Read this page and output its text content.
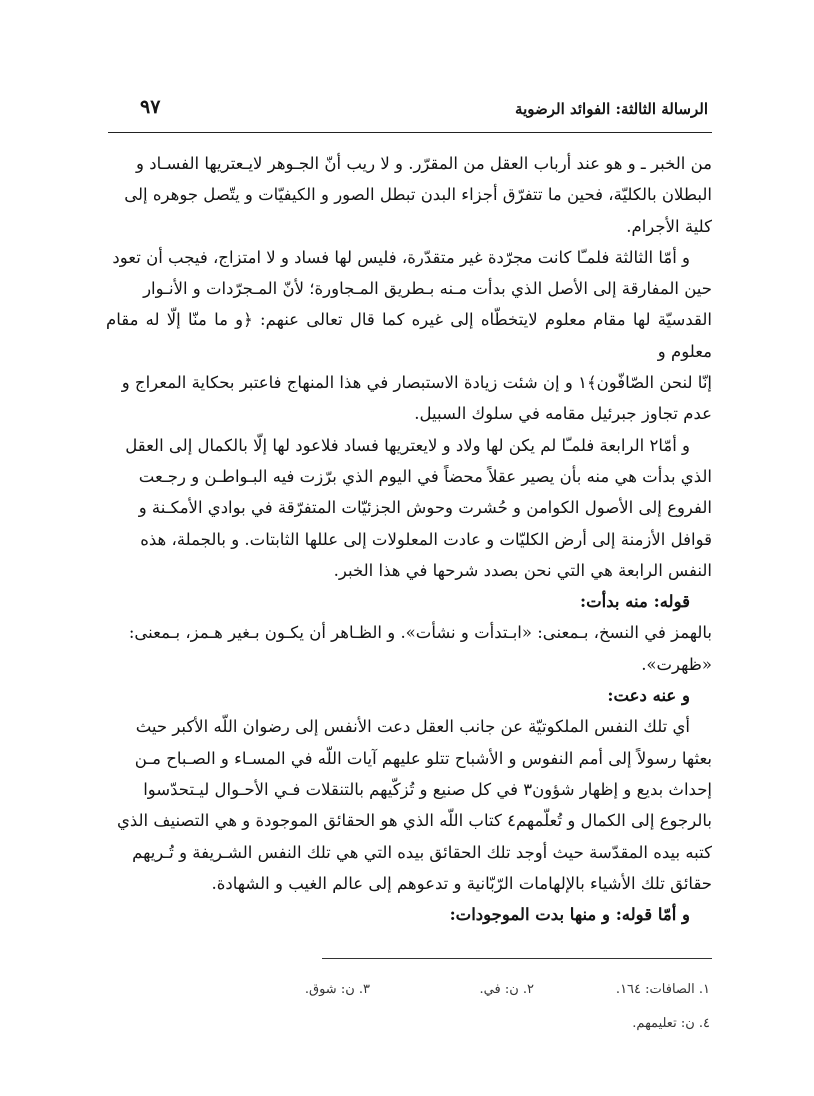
الرسالة الثالثة: الفوائد الرضوية
٩٧

من الخبر ـ و هو عند أرباب العقل من المقرّر. و لا ريب أنّ الجـوهر لايـعتريها الفسـاد و

البطلان بالكليّة، فحين ما تتفرّق أجزاء البدن تبطل الصور و الكيفيّات و يتّصل جوهره إلى

كلية الأجرام.

و أمّا الثالثة فلمـّا كانت مجرّدة غير متقدّرة، فليس لها فساد و لا امتزاج، فيجب أن تعود

حين المفارقة إلى الأصل الذي بدأت مـنه بـطريق المـجاورة؛ لأنّ المـجرّدات و الأنـوار

القدسيّة لها مقام معلوم لايتخطّاه إلى غيره كما قال تعالى عنهم: ﴿و ما منّا إلّا له مقام معلوم و

إنّا لنحن الصّافّون﴾١ و إن شئت زيادة الاستبصار في هذا المنهاج فاعتبر بحكاية المعراج و

عدم تجاوز جبرئيل مقامه في سلوك السبيل.

و أمّا٢ الرابعة فلمـّا لم يكن لها ولاد و لايعتريها فساد فلاعود لها إلّا بالكمال إلى العقل

الذي بدأت هي منه بأن يصير عقلاً محضاً في اليوم الذي برّزت فيه البـواطـن و رجـعت

الفروع إلى الأصول الكوامن و حُشرت وحوش الجزئيّات المتفرّقة في بوادي الأمكـنة و

قوافل الأزمنة إلى أرض الكليّات و عادت المعلولات إلى عللها الثابتات. و بالجملة، هذه

النفس الرابعة هي التي نحن بصدد شرحها في هذا الخبر.

قوله: منه بدأت:

بالهمز في النسخ، بـمعنى: «ابـتدأت و نشأت». و الظـاهر أن يكـون بـغير هـمز، بـمعنى:

«ظهرت».

و عنه دعت:

أي تلك النفس الملكوتيّة عن جانب العقل دعت الأنفس إلى رضوان اللّه الأكبر حيث

بعثها رسولاً إلى أمم النفوس و الأشباح تتلو عليهم آيات اللّه في المسـاء و الصـباح مـن

إحداث بديع و إظهار شؤون٣ في كل صنيع و تُزكّيهم بالتنقلات فـي الأحـوال ليـتحدّسوا

بالرجوع إلى الكمال و تُعلّمهم٤ كتاب اللّه الذي هو الحقائق الموجودة و هي التصنيف الذي

كتبه بيده المقدّسة حيث أوجد تلك الحقائق بيده التي هي تلك النفس الشـريفة و تُـريهم

حقائق تلك الأشياء بالإلهامات الرّبّانية و تدعوهم إلى عالم الغيب و الشهادة.

و أمّا قوله: و منها بدت الموجودات:

١. الصافات: ١٦٤.
٢. ن: في.
٣. ن: شوق.
٤. ن: تعليمهم.
